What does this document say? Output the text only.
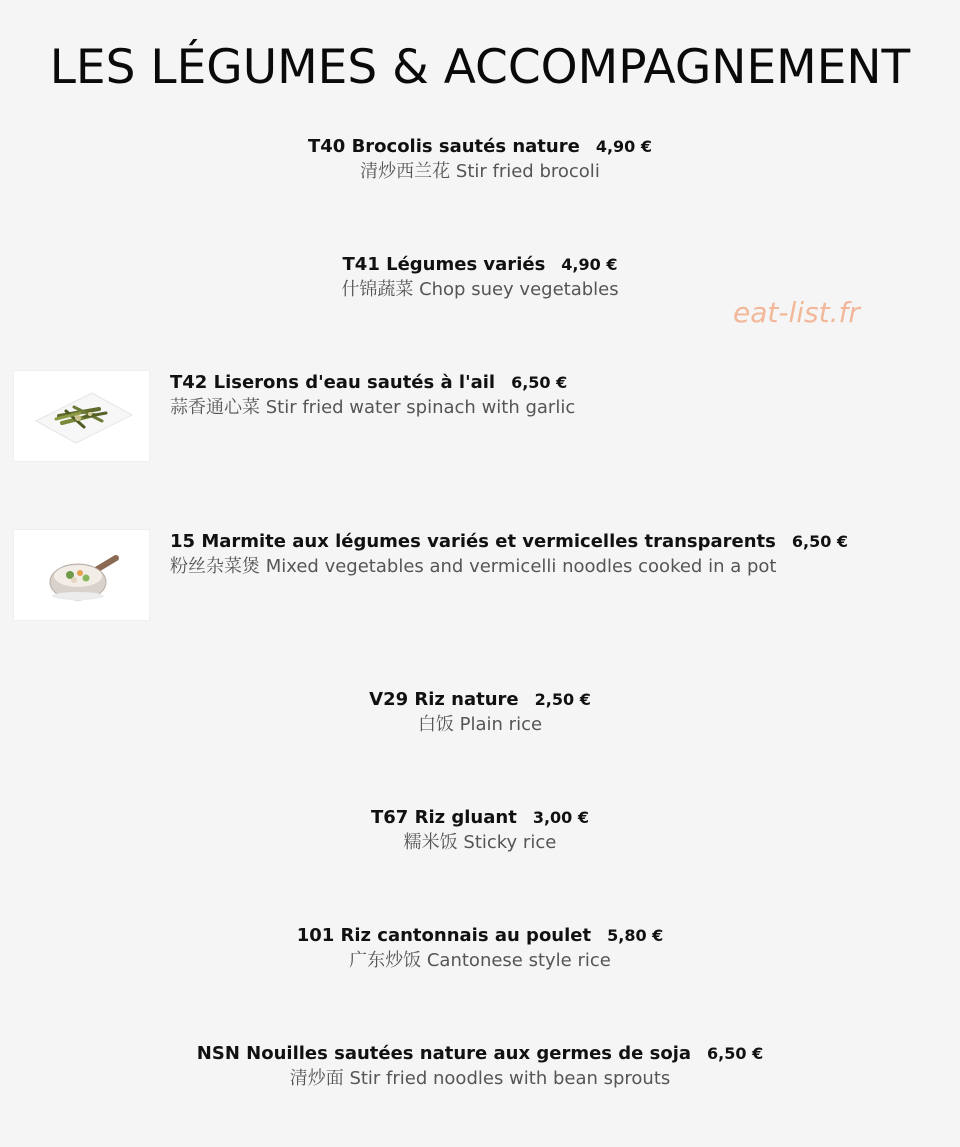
LES LÉGUMES & ACCOMPAGNEMENT
eat-list.fr
T40 Brocolis sautés nature 4,90 €
清炒西兰花 Stir fried brocoli
T41 Légumes variés 4,90 €
什锦蔬菜 Chop suey vegetables
T42 Liserons d'eau sautés à l'ail 6,50 €
蒜香通心菜 Stir fried water spinach with garlic
15 Marmite aux légumes variés et vermicelles transparents 6,50 €
粉丝杂菜煲 Mixed vegetables and vermicelli noodles cooked in a pot
V29 Riz nature 2,50 €
白饭 Plain rice
T67 Riz gluant 3,00 €
糯米饭 Sticky rice
101 Riz cantonnais au poulet 5,80 €
广东炒饭 Cantonese style rice
NSN Nouilles sautées nature aux germes de soja 6,50 €
清炒面 Stir fried noodles with bean sprouts
